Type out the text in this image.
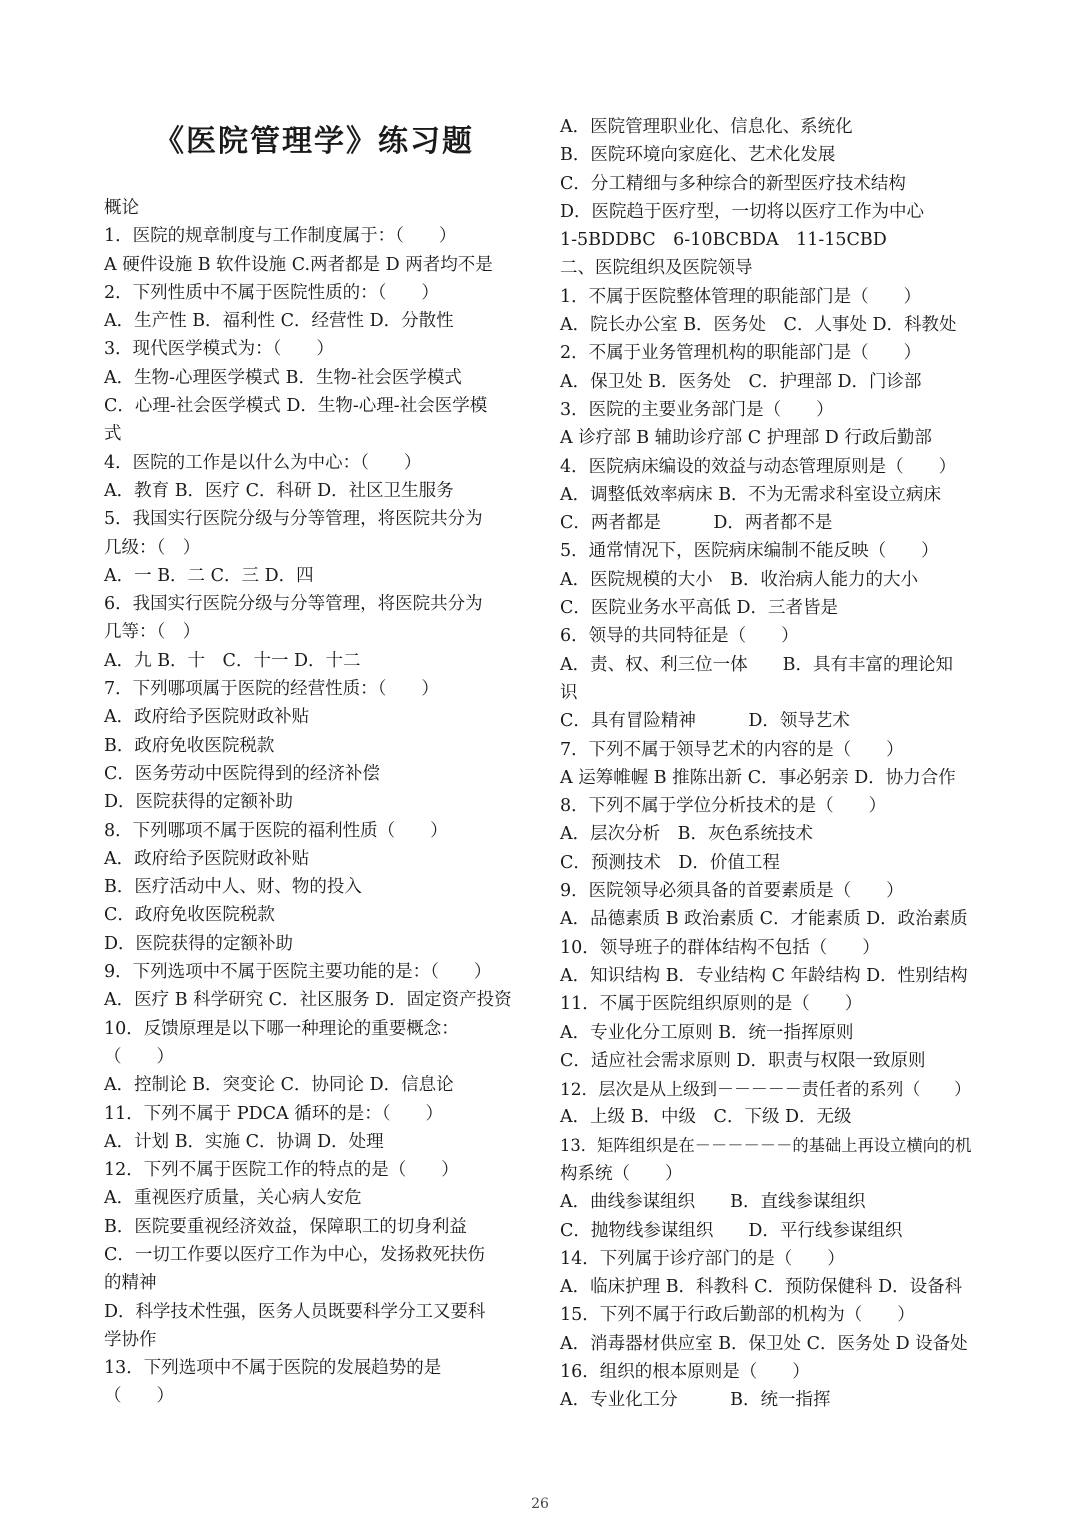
《医院管理学》练习题
概论
1．医院的规章制度与工作制度属于：（　　）
A 硬件设施 B 软件设施 C.两者都是 D 两者均不是
2．下列性质中不属于医院性质的：（　　）
A．生产性 B．福利性 C．经营性 D．分散性
3．现代医学模式为：（　　）
A．生物-心理医学模式 B．生物-社会医学模式
C．心理-社会医学模式 D．生物-心理-社会医学模
式
4．医院的工作是以什么为中心：（　　）
A．教育 B．医疗 C．科研 D．社区卫生服务
5．我国实行医院分级与分等管理，将医院共分为
几级：（　）
A．一 B．二 C．三 D．四
6．我国实行医院分级与分等管理，将医院共分为
几等：（　）
A．九 B．十　C．十一 D．十二
7．下列哪项属于医院的经营性质：（　　）
A．政府给予医院财政补贴
B．政府免收医院税款
C．医务劳动中医院得到的经济补偿
D．医院获得的定额补助
8．下列哪项不属于医院的福利性质（　　）
A．政府给予医院财政补贴
B．医疗活动中人、财、物的投入
C．政府免收医院税款
D．医院获得的定额补助
9．下列选项中不属于医院主要功能的是：（　　）
A．医疗 B 科学研究 C．社区服务 D．固定资产投资
10．反馈原理是以下哪一种理论的重要概念：
（　　）
A．控制论 B．突变论 C．协同论 D．信息论
11．下列不属于 PDCA 循环的是：（　　）
A．计划 B．实施 C．协调 D．处理
12．下列不属于医院工作的特点的是（　　）
A．重视医疗质量，关心病人安危
B．医院要重视经济效益，保障职工的切身利益
C．一切工作要以医疗工作为中心，发扬救死扶伤
的精神
D．科学技术性强，医务人员既要科学分工又要科
学协作
13．下列选项中不属于医院的发展趋势的是
（　　）
A．医院管理职业化、信息化、系统化
B．医院环境向家庭化、艺术化发展
C．分工精细与多种综合的新型医疗技术结构
D．医院趋于医疗型，一切将以医疗工作为中心
1-5BDDBC　6-10BCBDA　11-15CBD
二、医院组织及医院领导
1．不属于医院整体管理的职能部门是（　　）
A．院长办公室 B．医务处　C．人事处 D．科教处
2．不属于业务管理机构的职能部门是（　　）
A．保卫处 B．医务处　C．护理部 D．门诊部
3．医院的主要业务部门是（　　）
A 诊疗部 B 辅助诊疗部 C 护理部 D 行政后勤部
4．医院病床编设的效益与动态管理原则是（　　）
A．调整低效率病床 B．不为无需求科室设立病床
C．两者都是　　　D．两者都不是
5．通常情况下，医院病床编制不能反映（　　）
A．医院规模的大小　B．收治病人能力的大小
C．医院业务水平高低 D．三者皆是
6．领导的共同特征是（　　）
A．责、权、利三位一体　　B．具有丰富的理论知
识
C．具有冒险精神　　　D．领导艺术
7．下列不属于领导艺术的内容的是（　　）
A 运筹帷幄 B 推陈出新 C．事必躬亲 D．协力合作
8．下列不属于学位分析技术的是（　　）
A．层次分析　B．灰色系统技术
C．预测技术　D．价值工程
9．医院领导必须具备的首要素质是（　　）
A．品德素质 B 政治素质 C．才能素质 D．政治素质
10．领导班子的群体结构不包括（　　）
A．知识结构 B．专业结构 C 年龄结构 D．性别结构
11．不属于医院组织原则的是（　　）
A．专业化分工原则 B．统一指挥原则
C．适应社会需求原则 D．职责与权限一致原则
12．层次是从上级到－－－－－责任者的系列（　　）
A．上级 B．中级　C．下级 D．无级
13．矩阵组织是在－－－－－－的基础上再设立横向的机
构系统（　　）
A．曲线参谋组织　　B．直线参谋组织
C．抛物线参谋组织　　D．平行线参谋组织
14．下列属于诊疗部门的是（　　）
A．临床护理 B．科教科 C．预防保健科 D．设备科
15．下列不属于行政后勤部的机构为（　　）
A．消毒器材供应室 B．保卫处 C．医务处 D 设备处
16．组织的根本原则是（　　）
A．专业化工分　　　B．统一指挥
26
